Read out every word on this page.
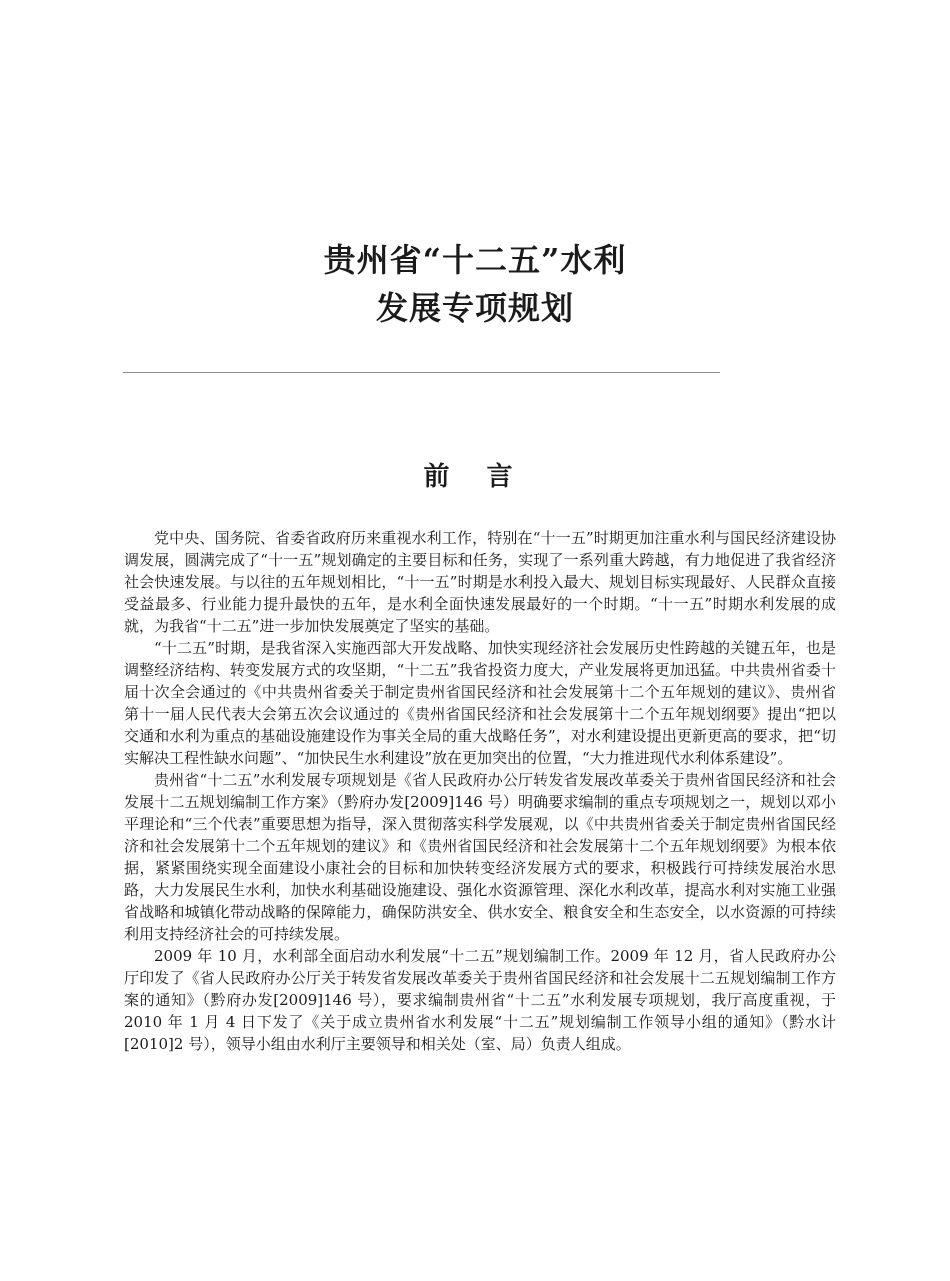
贵州省“十二五”水利
发展专项规划
前 言

党中央、国务院、省委省政府历来重视水利工作，特别在“十一五”时期更加注重水利与国民经济建设协调发展，圆满完成了“十一五”规划确定的主要目标和任务，实现了一系列重大跨越，有力地促进了我省经济社会快速发展。与以往的五年规划相比，“十一五”时期是水利投入最大、规划目标实现最好、人民群众直接受益最多、行业能力提升最快的五年，是水利全面快速发展最好的一个时期。“十一五”时期水利发展的成就，为我省“十二五”进一步加快发展奠定了坚实的基础。

“十二五”时期，是我省深入实施西部大开发战略、加快实现经济社会发展历史性跨越的关键五年，也是调整经济结构、转变发展方式的攻坚期，“十二五”我省投资力度大，产业发展将更加迅猛。中共贵州省委十届十次全会通过的《中共贵州省委关于制定贵州省国民经济和社会发展第十二个五年规划的建议》、贵州省第十一届人民代表大会第五次会议通过的《贵州省国民经济和社会发展第十二个五年规划纲要》提出“把以交通和水利为重点的基础设施建设作为事关全局的重大战略任务”，对水利建设提出更新更高的要求，把“切实解决工程性缺水问题”、“加快民生水利建设”放在更加突出的位置，“大力推进现代水利体系建设”。

贵州省“十二五”水利发展专项规划是《省人民政府办公厅转发省发展改革委关于贵州省国民经济和社会发展十二五规划编制工作方案》（黔府办发[2009]146 号）明确要求编制的重点专项规划之一，规划以邓小平理论和“三个代表”重要思想为指导，深入贯彻落实科学发展观，以《中共贵州省委关于制定贵州省国民经济和社会发展第十二个五年规划的建议》和《贵州省国民经济和社会发展第十二个五年规划纲要》为根本依据，紧紧围绕实现全面建设小康社会的目标和加快转变经济发展方式的要求，积极践行可持续发展治水思路，大力发展民生水利，加快水利基础设施建设、强化水资源管理、深化水利改革，提高水利对实施工业强省战略和城镇化带动战略的保障能力，确保防洪安全、供水安全、粮食安全和生态安全，以水资源的可持续利用支持经济社会的可持续发展。

2009 年 10 月，水利部全面启动水利发展“十二五”规划编制工作。2009 年 12 月，省人民政府办公厅印发了《省人民政府办公厅关于转发省发展改革委关于贵州省国民经济和社会发展十二五规划编制工作方案的通知》（黔府办发[2009]146 号），要求编制贵州省“十二五”水利发展专项规划，我厅高度重视，于 2010 年 1 月 4 日下发了《关于成立贵州省水利发展“十二五”规划编制工作领导小组的通知》（黔水计[2010]2 号），领导小组由水利厅主要领导和相关处（室、局）负责人组成。
